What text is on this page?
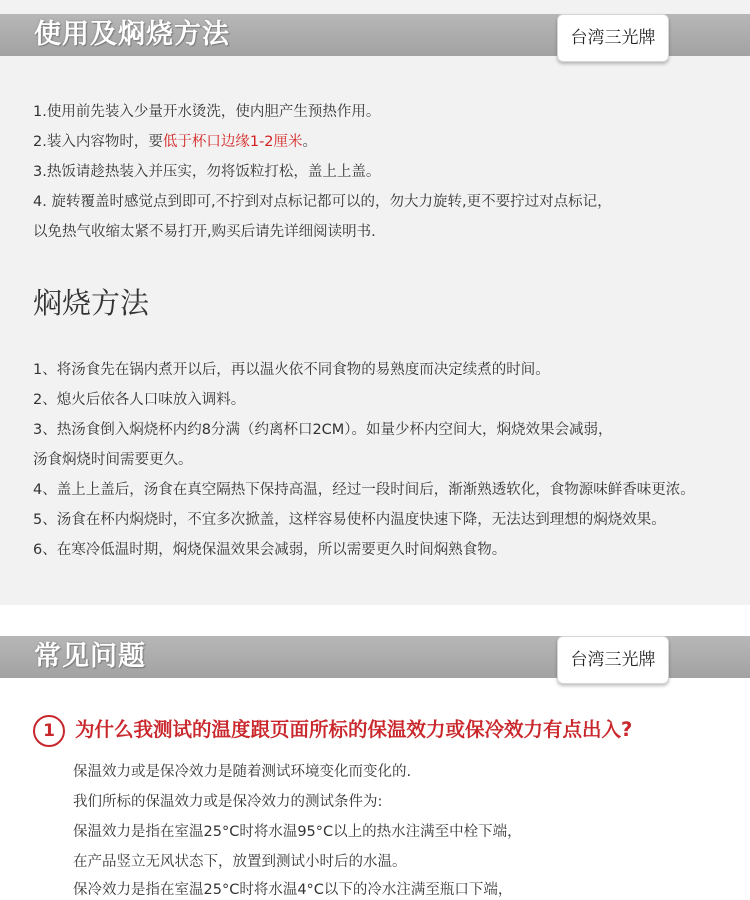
使用及焖烧方法	台湾三光牌
1.使用前先装入少量开水烫洗，使内胆产生预热作用。
2.装入内容物时，要低于杯口边缘1-2厘米。
3.热饭请趁热装入并压实，勿将饭粒打松，盖上上盖。
4. 旋转覆盖时感觉点到即可,不拧到对点标记都可以的，勿大力旋转,更不要拧过对点标记，
以免热气收缩太紧不易打开,购买后请先详细阅读明书.
焖烧方法
1、将汤食先在锅内煮开以后，再以温火依不同食物的易熟度而决定续煮的时间。
2、熄火后依各人口味放入调料。
3、热汤食倒入焖烧杯内约8分满（约离杯口2CM）。如量少杯内空间大，焖烧效果会减弱，
汤食焖烧时间需要更久。
4、盖上上盖后，汤食在真空隔热下保持高温，经过一段时间后，渐渐熟透软化，食物源味鲜香味更浓。
5、汤食在杯内焖烧时，不宜多次掀盖，这样容易使杯内温度快速下降，无法达到理想的焖烧效果。
6、在寒冷低温时期，焖烧保温效果会减弱，所以需要更久时间焖熟食物。
常见问题	台湾三光牌
1	为什么我测试的温度跟页面所标的保温效力或保冷效力有点出入?
保温效力或是保冷效力是随着测试环境变化而变化的.
我们所标的保温效力或是保冷效力的测试条件为:
保温效力是指在室温25°C时将水温95°C以上的热水注满至中栓下端，
在产品竖立无风状态下，放置到测试小时后的水温。
保冷效力是指在室温25°C时将水温4°C以下的冷水注满至瓶口下端，
